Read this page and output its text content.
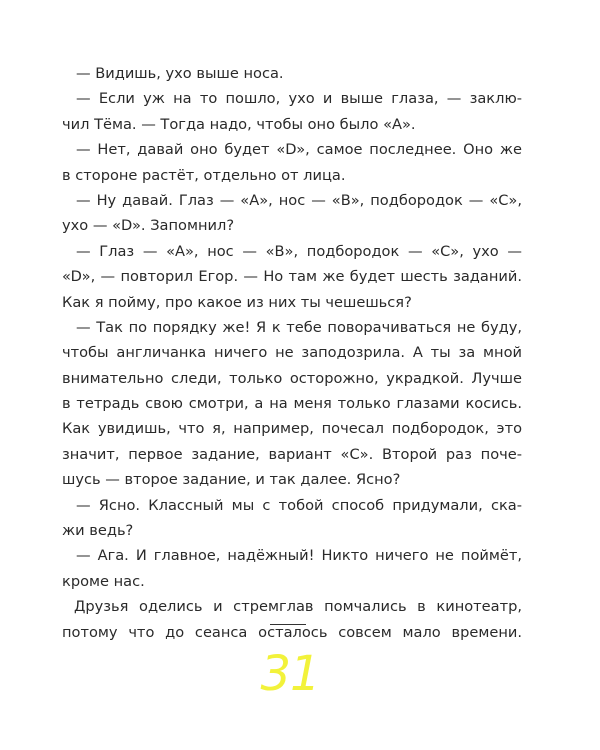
— Видишь, ухо выше носа.
— Если уж на то пошло, ухо и выше глаза, — заклю-
чил Тёма. — Тогда надо, чтобы оно было «А».
— Нет, давай оно будет «D», самое последнее. Оно же
в стороне растёт, отдельно от лица.
— Ну давай. Глаз — «А», нос — «В», подбородок — «С»,
ухо — «D». Запомнил?
— Глаз — «А», нос — «В», подбородок — «С», ухо —
«D», — повторил Егор. — Но там же будет шесть заданий.
Как я пойму, про какое из них ты чешешься?
— Так по порядку же! Я к тебе поворачиваться не буду,
чтобы англичанка ничего не заподозрила. А ты за мной
внимательно следи, только осторожно, украдкой. Лучше
в тетрадь свою смотри, а на меня только глазами косись.
Как увидишь, что я, например, почесал подбородок, это
значит, первое задание, вариант «С». Второй раз поче-
шусь — второе задание, и так далее. Ясно?
— Ясно. Классный мы с тобой способ придумали, ска-
жи ведь?
— Ага. И главное, надёжный! Никто ничего не поймёт,
кроме нас.
Друзья оделись и стремглав помчались в кинотеатр,
потому что до сеанса осталось совсем мало времени.
31
